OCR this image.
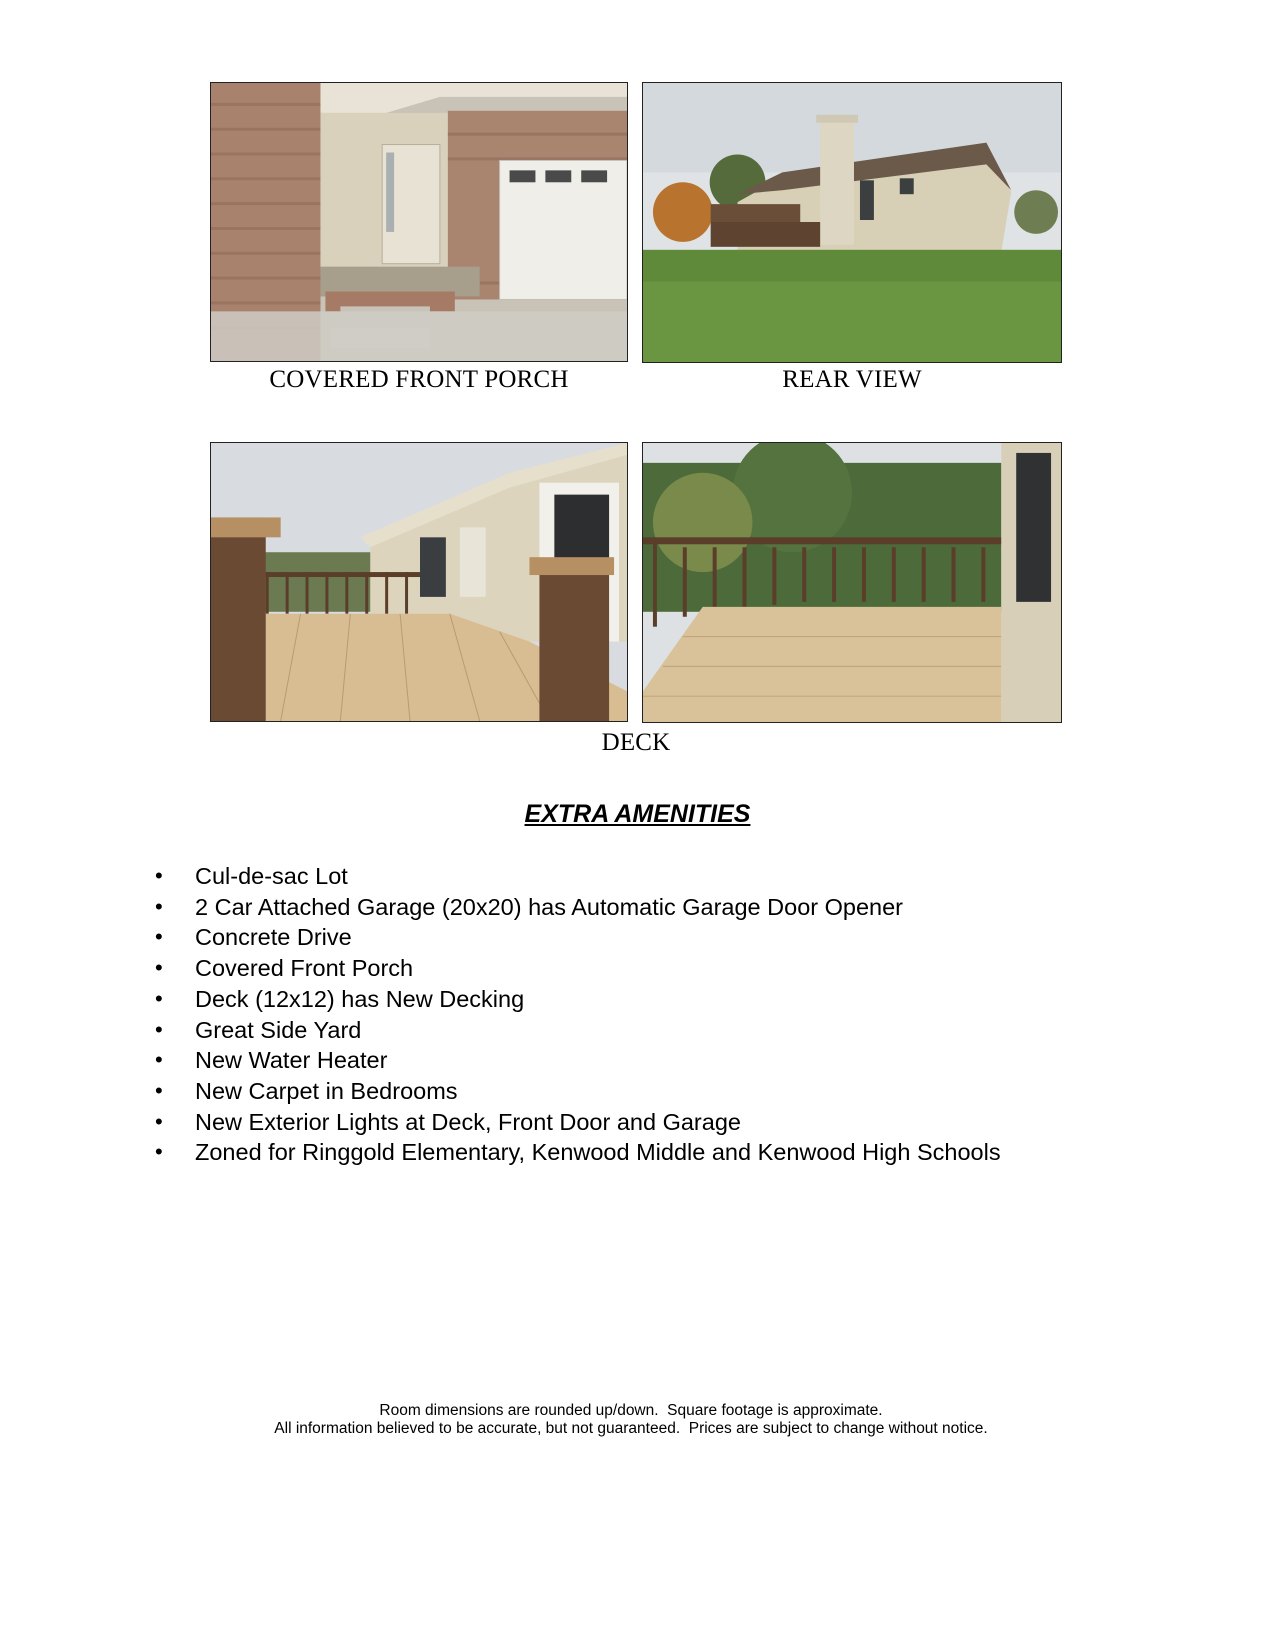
COVERED FRONT PORCH	REAR VIEW
DECK
EXTRA AMENITIES
• Cul-de-sac Lot
• 2 Car Attached Garage (20x20) has Automatic Garage Door Opener
• Concrete Drive
• Covered Front Porch
• Deck (12x12) has New Decking
• Great Side Yard
• New Water Heater
• New Carpet in Bedrooms
• New Exterior Lights at Deck, Front Door and Garage
• Zoned for Ringgold Elementary, Kenwood Middle and Kenwood High Schools
Room dimensions are rounded up/down.  Square footage is approximate.
All information believed to be accurate, but not guaranteed.  Prices are subject to change without notice.
